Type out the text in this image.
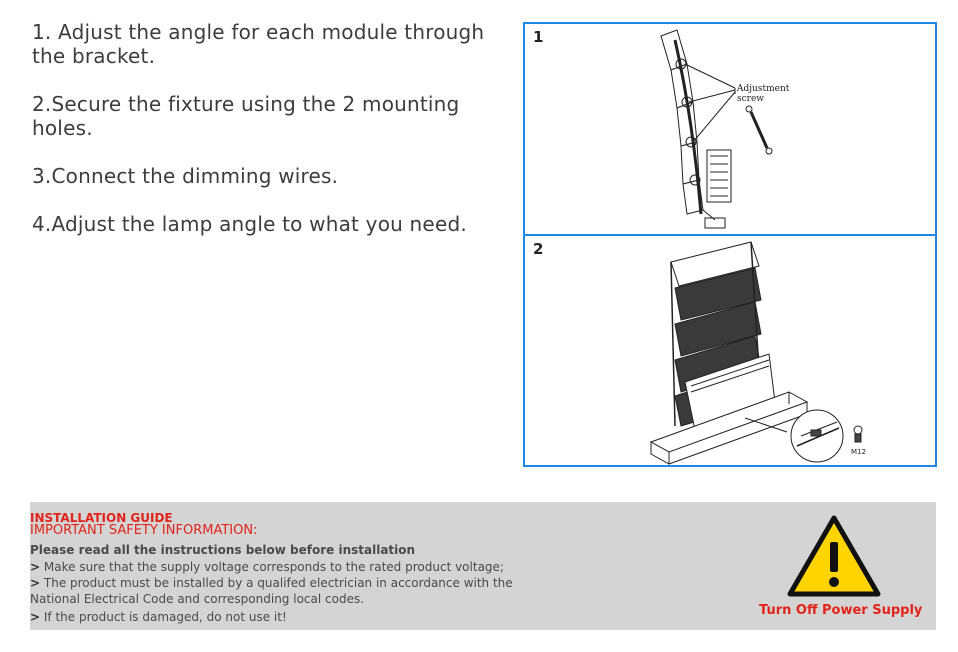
1. Adjust the angle for each module through the bracket.

2.Secure the fixture using the 2 mounting holes.

3.Connect the dimming wires.

4.Adjust the lamp angle to what you need.

1
Adjustment
screw
2
M12
INSTALLATION GUIDE
IMPORTANT SAFETY INFORMATION:
Please read all the instructions below before installation
> Make sure that the supply voltage corresponds to the rated product voltage;
> The product must be installed by a qualifed electrician in accordance with the
National Electrical Code and corresponding local codes.
> If the product is damaged, do not use it!	Turn Off Power Supply
